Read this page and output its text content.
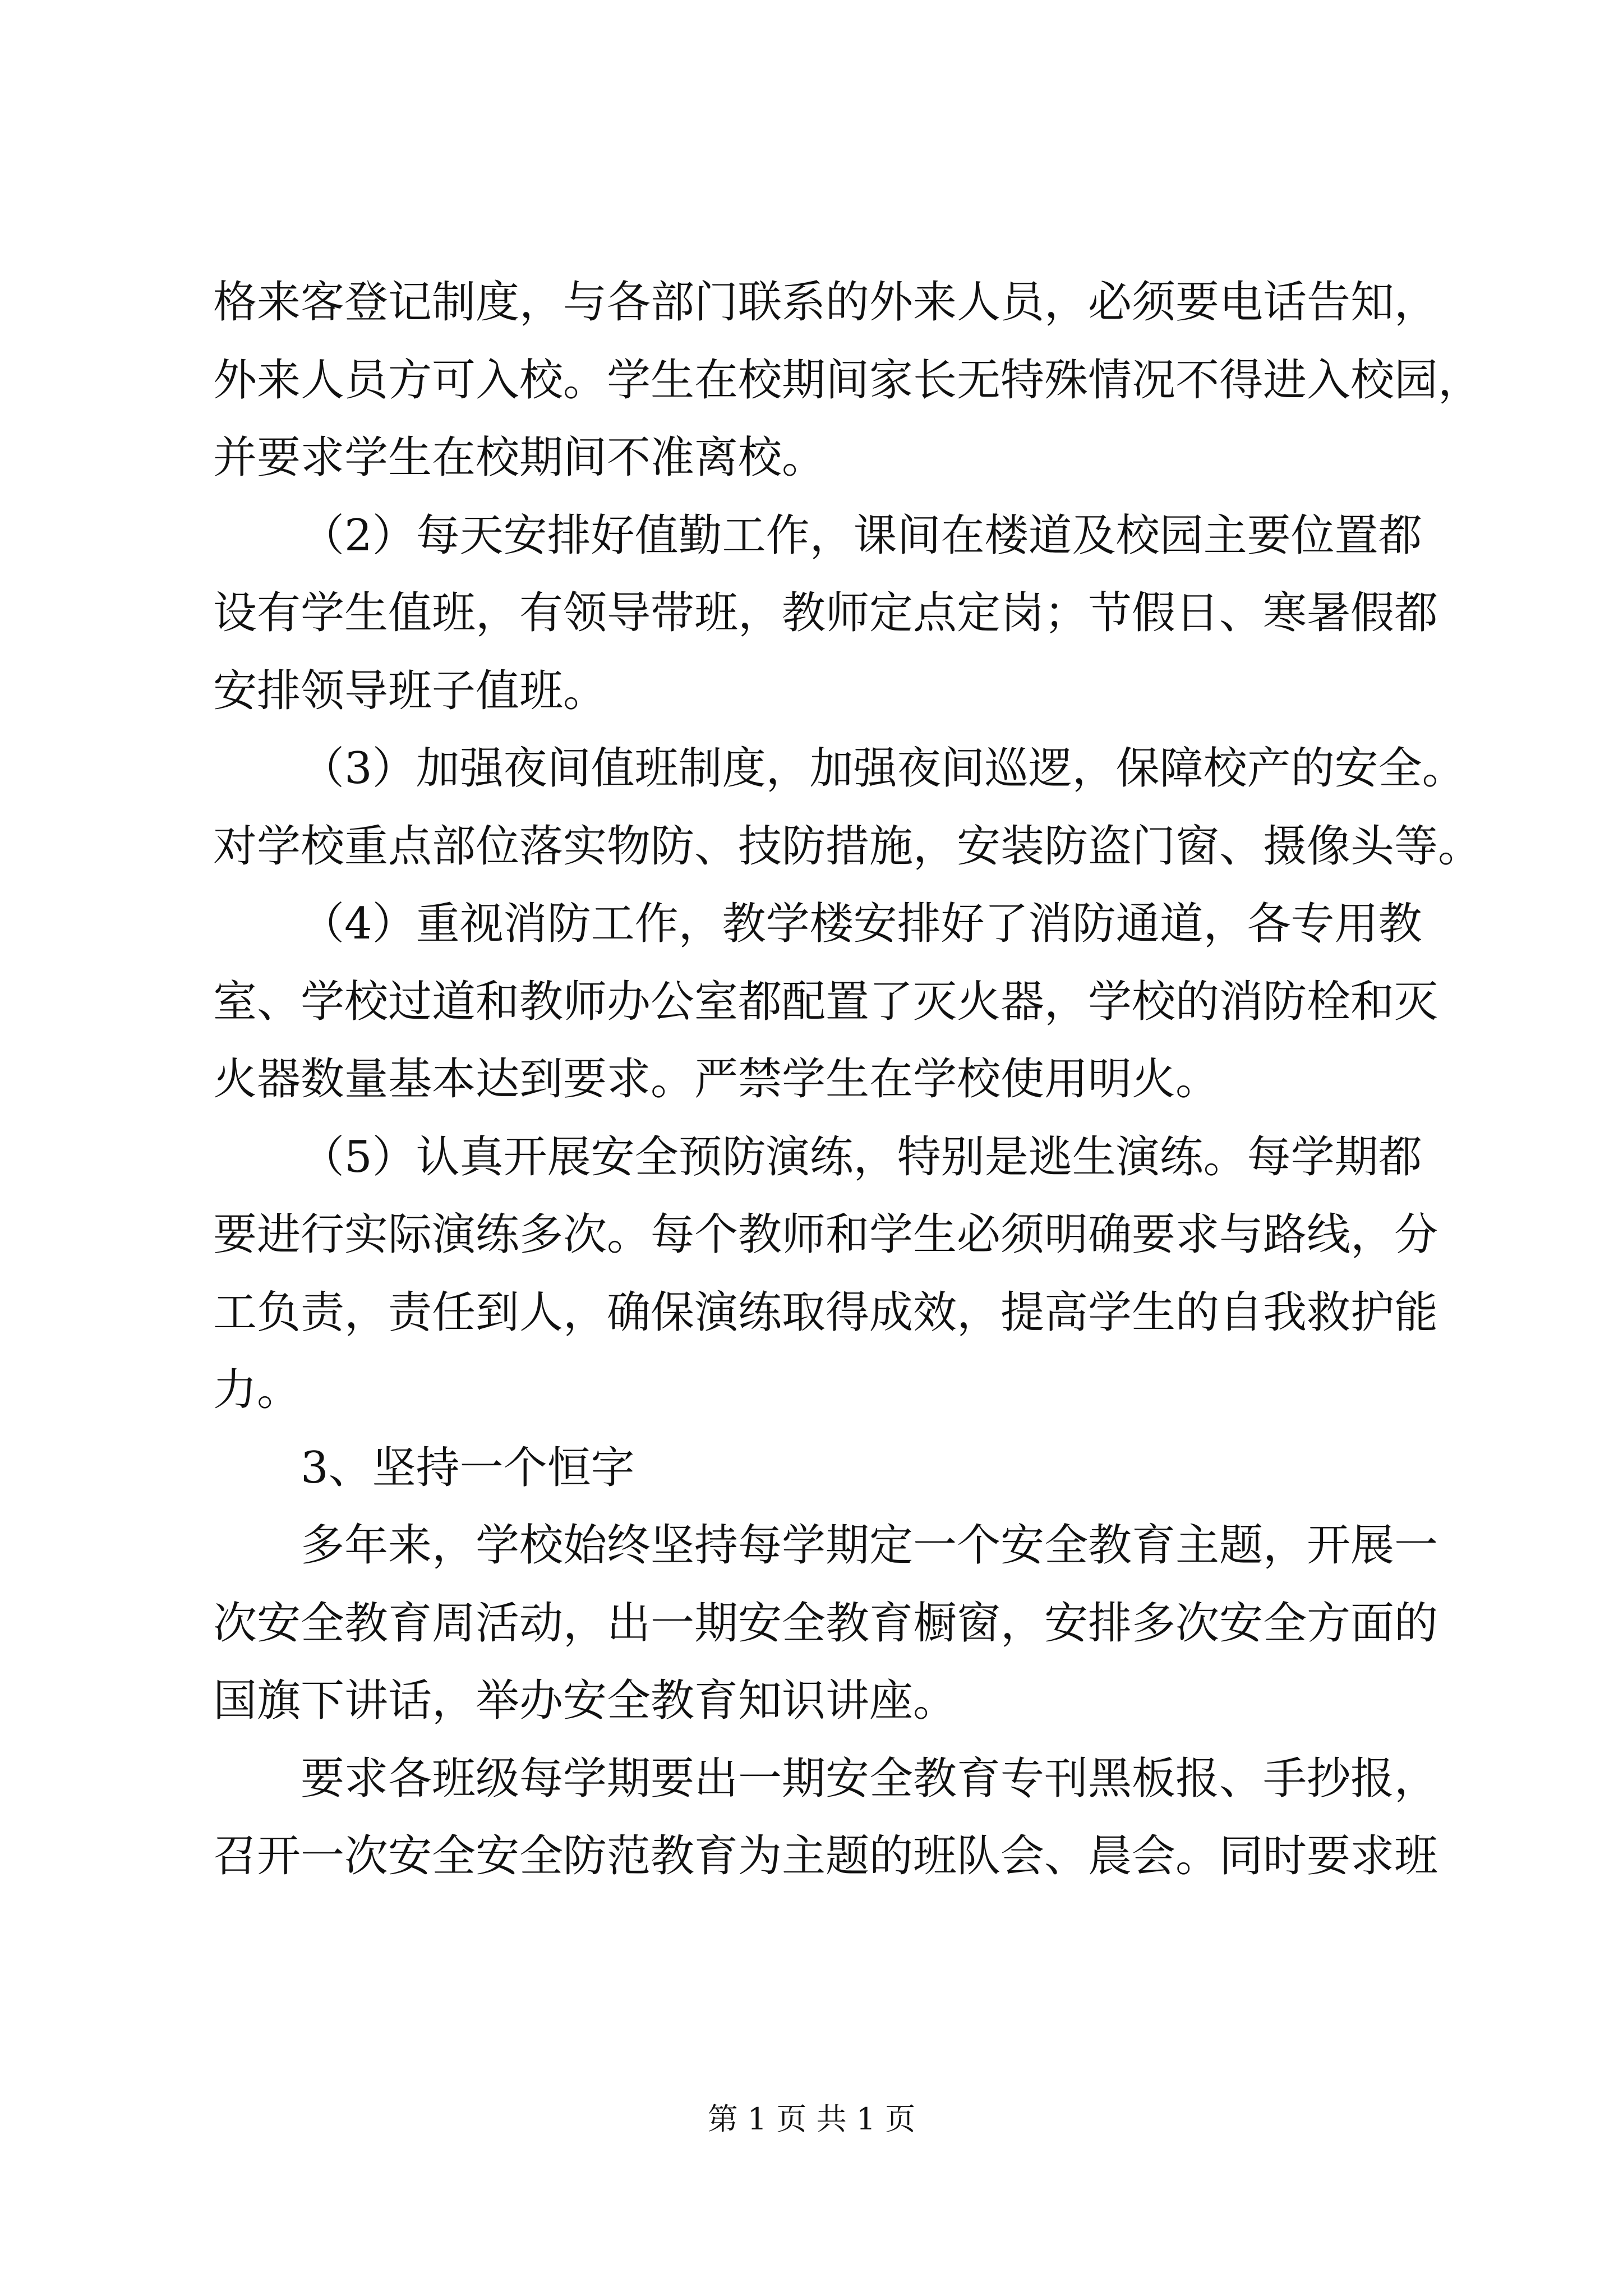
格来客登记制度，与各部门联系的外来人员，必须要电话告知，
外来人员方可入校。学生在校期间家长无特殊情况不得进入校园，
并要求学生在校期间不准离校。

（2）每天安排好值勤工作，课间在楼道及校园主要位置都

设有学生值班，有领导带班，教师定点定岗；节假日、寒暑假都
安排领导班子值班。

（3）加强夜间值班制度，加强夜间巡逻，保障校产的安全。

对学校重点部位落实物防、技防措施，安装防盗门窗、摄像头等。

（4）重视消防工作，教学楼安排好了消防通道，各专用教

室、学校过道和教师办公室都配置了灭火器，学校的消防栓和灭
火器数量基本达到要求。严禁学生在学校使用明火。

（5）认真开展安全预防演练，特别是逃生演练。每学期都

要进行实际演练多次。每个教师和学生必须明确要求与路线，分
工负责，责任到人，确保演练取得成效，提高学生的自我救护能
力。

3、坚持一个恒字

多年来，学校始终坚持每学期定一个安全教育主题，开展一

次安全教育周活动，出一期安全教育橱窗，安排多次安全方面的
国旗下讲话，举办安全教育知识讲座。

要求各班级每学期要出一期安全教育专刊黑板报、手抄报，

召开一次安全安全防范教育为主题的班队会、晨会。同时要求班

第 1 页 共 1 页
